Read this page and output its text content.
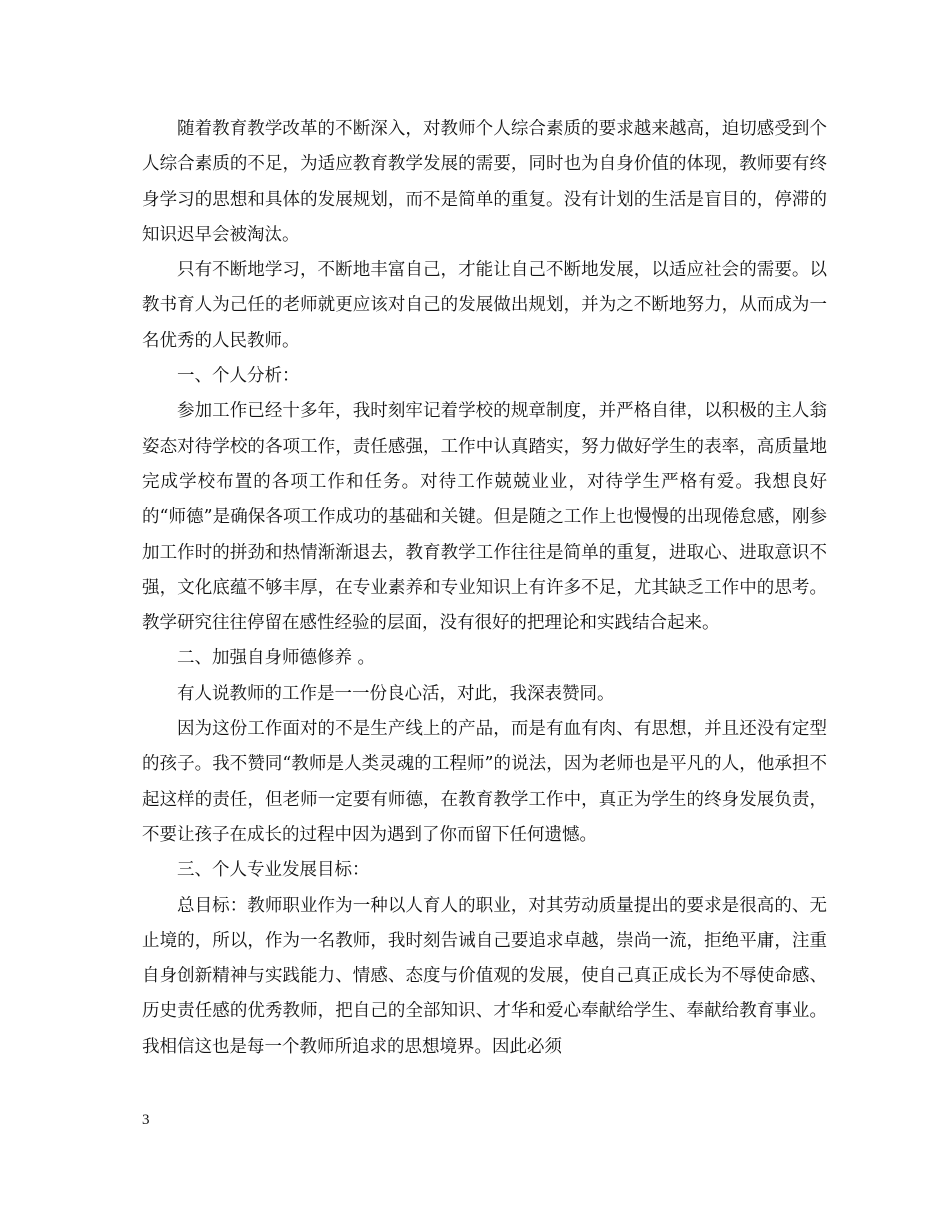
随着教育教学改革的不断深入，对教师个人综合素质的要求越来越高，迫切感受到个人综合素质的不足，为适应教育教学发展的需要，同时也为自身价值的体现，教师要有终身学习的思想和具体的发展规划，而不是简单的重复。没有计划的生活是盲目的，停滞的知识迟早会被淘汰。

只有不断地学习，不断地丰富自己，才能让自己不断地发展，以适应社会的需要。以教书育人为己任的老师就更应该对自己的发展做出规划，并为之不断地努力，从而成为一名优秀的人民教师。

一、个人分析：

参加工作已经十多年，我时刻牢记着学校的规章制度，并严格自律，以积极的主人翁姿态对待学校的各项工作，责任感强，工作中认真踏实，努力做好学生的表率，高质量地完成学校布置的各项工作和任务。对待工作兢兢业业，对待学生严格有爱。我想良好的“师德”是确保各项工作成功的基础和关键。但是随之工作上也慢慢的出现倦怠感，刚参加工作时的拼劲和热情渐渐退去，教育教学工作往往是简单的重复，进取心、进取意识不强，文化底蕴不够丰厚，在专业素养和专业知识上有许多不足，尤其缺乏工作中的思考。教学研究往往停留在感性经验的层面，没有很好的把理论和实践结合起来。

二、加强自身师德修养 。

有人说教师的工作是一一份良心活，对此，我深表赞同。

因为这份工作面对的不是生产线上的产品，而是有血有肉、有思想，并且还没有定型的孩子。我不赞同“教师是人类灵魂的工程师”的说法，因为老师也是平凡的人，他承担不起这样的责任，但老师一定要有师德，在教育教学工作中，真正为学生的终身发展负责，不要让孩子在成长的过程中因为遇到了你而留下任何遗憾。

三、个人专业发展目标：

总目标：教师职业作为一种以人育人的职业，对其劳动质量提出的要求是很高的、无止境的，所以，作为一名教师，我时刻告诫自己要追求卓越，崇尚一流，拒绝平庸，注重自身创新精神与实践能力、情感、态度与价值观的发展，使自己真正成长为不辱使命感、历史责任感的优秀教师，把自己的全部知识、才华和爱心奉献给学生、奉献给教育事业。我相信这也是每一个教师所追求的思想境界。因此必须

3
